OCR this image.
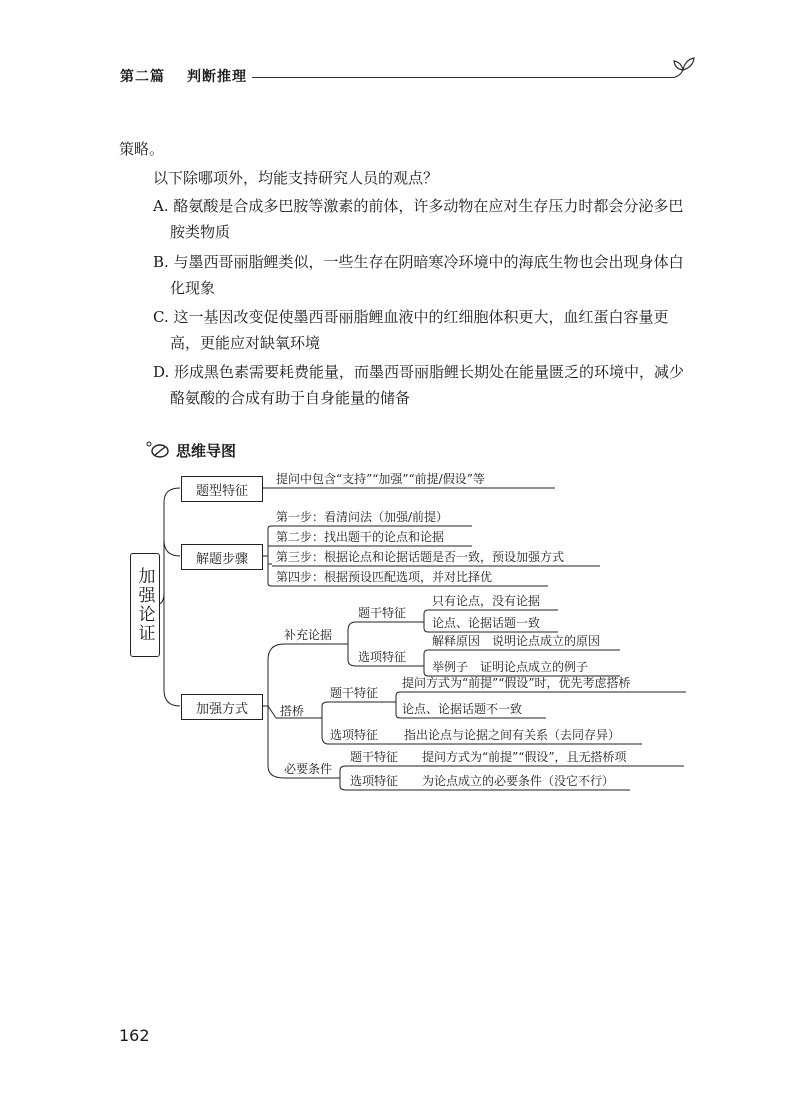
第二篇 判断推理
策略。
以下除哪项外，均能支持研究人员的观点？
A. 酪氨酸是合成多巴胺等激素的前体，许多动物在应对生存压力时都会分泌多巴
胺类物质
B. 与墨西哥丽脂鲤类似，一些生存在阴暗寒冷环境中的海底生物也会出现身体白
化现象
C. 这一基因改变促使墨西哥丽脂鲤血液中的红细胞体积更大，血红蛋白容量更
高，更能应对缺氧环境
D. 形成黑色素需要耗费能量，而墨西哥丽脂鲤长期处在能量匮乏的环境中，减少
酪氨酸的合成有助于自身能量的储备
思维导图
加强论证
题型特征
解题步骤
加强方式
提问中包含“支持”“加强”“前提/假设”等
第一步：看清问法（加强/前提）
第二步：找出题干的论点和论据
第三步：根据论点和论据话题是否一致，预设加强方式
第四步：根据预设匹配选项，并对比择优
补充论据
题干特征
只有论点，没有论据
论点、论据话题一致
选项特征
解释原因　说明论点成立的原因
举例子　证明论点成立的例子
搭桥
题干特征
提问方式为“前提”“假设”时，优先考虑搭桥
论点、论据话题不一致
选项特征 指出论点与论据之间有关系（去同存异）
必要条件
题干特征 提问方式为“前提”“假设”，且无搭桥项
选项特征 为论点成立的必要条件（没它不行）
162
